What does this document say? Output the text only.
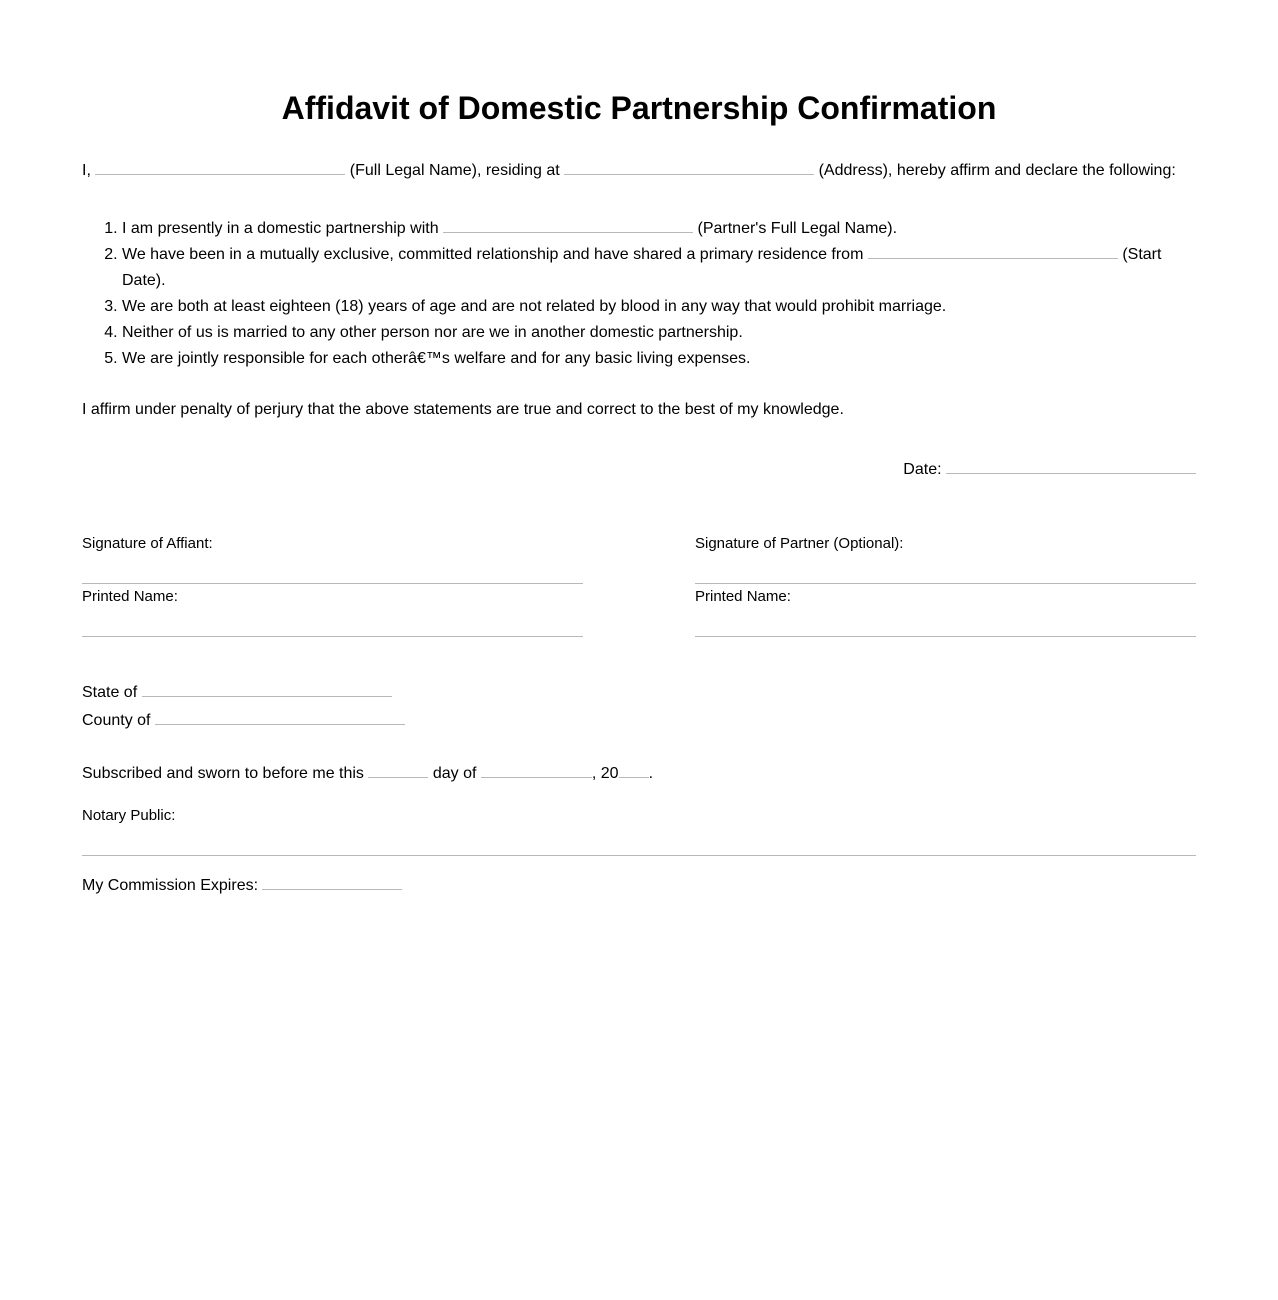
Affidavit of Domestic Partnership Confirmation
I,	(Full Legal Name), residing at	(Address), hereby affirm and declare the following:
1. I am presently in a domestic partnership with	(Partner's Full Legal Name).
2. We have been in a mutually exclusive, committed relationship and have shared a primary residence from	(Start Date).
3. We are both at least eighteen (18) years of age and are not related by blood in any way that would prohibit marriage.
4. Neither of us is married to any other person nor are we in another domestic partnership.
5. We are jointly responsible for each otherâ€™s welfare and for any basic living expenses.
I affirm under penalty of perjury that the above statements are true and correct to the best of my knowledge.
Date:
Signature of Affiant:
Printed Name:
Signature of Partner (Optional):
Printed Name:
State of
County of
Subscribed and sworn to before me this	day of	, 20 .
Notary Public:
My Commission Expires:
